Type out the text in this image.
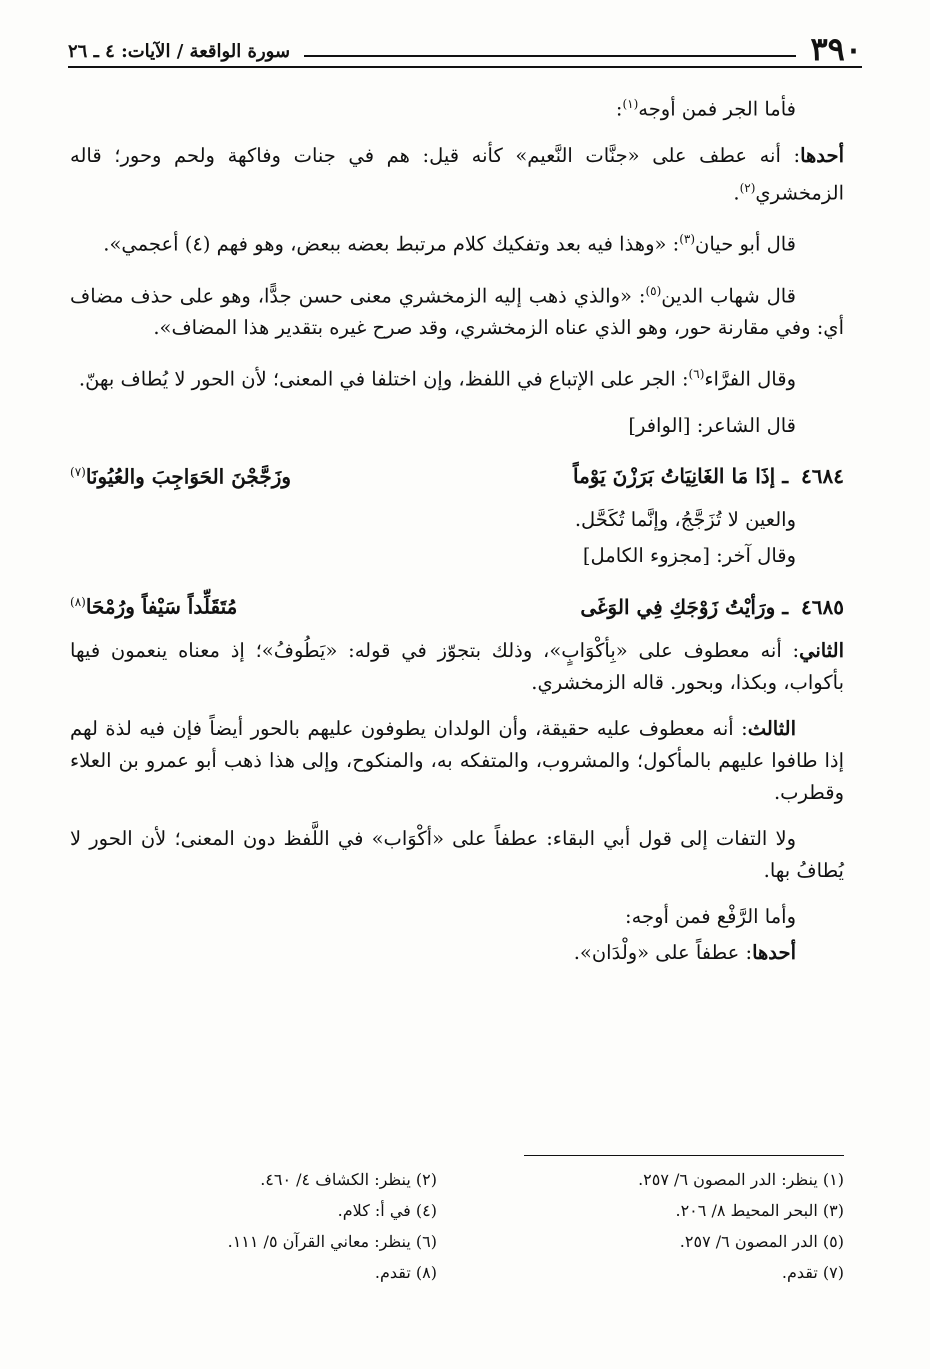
٣٩٠
سورة الواقعة / الآيات: ٤ ـ ٢٦

فأما الجر فمن أوجه$^{(١)}$:

أحدها: أنه عطف على «جنَّات النَّعيم» كأنه قيل: هم في جنات وفاكهة ولحم وحور؛ قاله الزمخشري$^{(٢)}$.

قال أبو حيان$^{(٣)}$: «وهذا فيه بعد وتفكيك كلام مرتبط بعضه ببعض، وهو فهم (٤) أعجمي».

قال شهاب الدين$^{(٥)}$: «والذي ذهب إليه الزمخشري معنى حسن جدًّا، وهو على حذف مضاف أي: وفي مقارنة حور، وهو الذي عناه الزمخشري، وقد صرح غيره بتقدير هذا المضاف».

وقال الفرَّاء$^{(٦)}$: الجر على الإتباع في اللفظ، وإن اختلفا في المعنى؛ لأن الحور لا يُطاف بهنّ.

قال الشاعر: [الوافر]

٤٦٨٤ ـ إذَا مَا الغَانِيَاتُ بَرَزْنَ يَوْماً
وزَجَّجْنَ الحَوَاجِبَ والعُيُونَا$^{(٧)}$

والعين لا تُزَجَّجُ، وإنَّما تُكَحَّل.

وقال آخر: [مجزوء الكامل]

٤٦٨٥ ـ ورَأيْتُ زَوْجَكِ فِي الوَغَى
مُتَقَلِّداً سَيْفاً ورُمْحَا$^{(٨)}$

الثاني: أنه معطوف على «بِأكْوَابٍ»، وذلك بتجوّز في قوله: «يَطُوفُ»؛ إذ معناه ينعمون فيها بأكواب، وبكذا، وبحور. قاله الزمخشري.

الثالث: أنه معطوف عليه حقيقة، وأن الولدان يطوفون عليهم بالحور أيضاً فإن فيه لذة لهم إذا طافوا عليهم بالمأكول؛ والمشروب، والمتفكه به، والمنكوح، وإلى هذا ذهب أبو عمرو بن العلاء وقطرب.

ولا التفات إلى قول أبي البقاء: عطفاً على «أكْوَاب» في اللَّفظ دون المعنى؛ لأن الحور لا يُطافُ بها.

وأما الرَّفْع فمن أوجه:

أحدها: عطفاً على «ولْدَان».

(١) ينظر: الدر المصون ٦/ ٢٥٧.
(٢) ينظر: الكشاف ٤/ ٤٦٠.
(٣) البحر المحيط ٨/ ٢٠٦.
(٤) في أ: كلام.
(٥) الدر المصون ٦/ ٢٥٧.
(٦) ينظر: معاني القرآن ٥/ ١١١.
(٧) تقدم.
(٨) تقدم.
